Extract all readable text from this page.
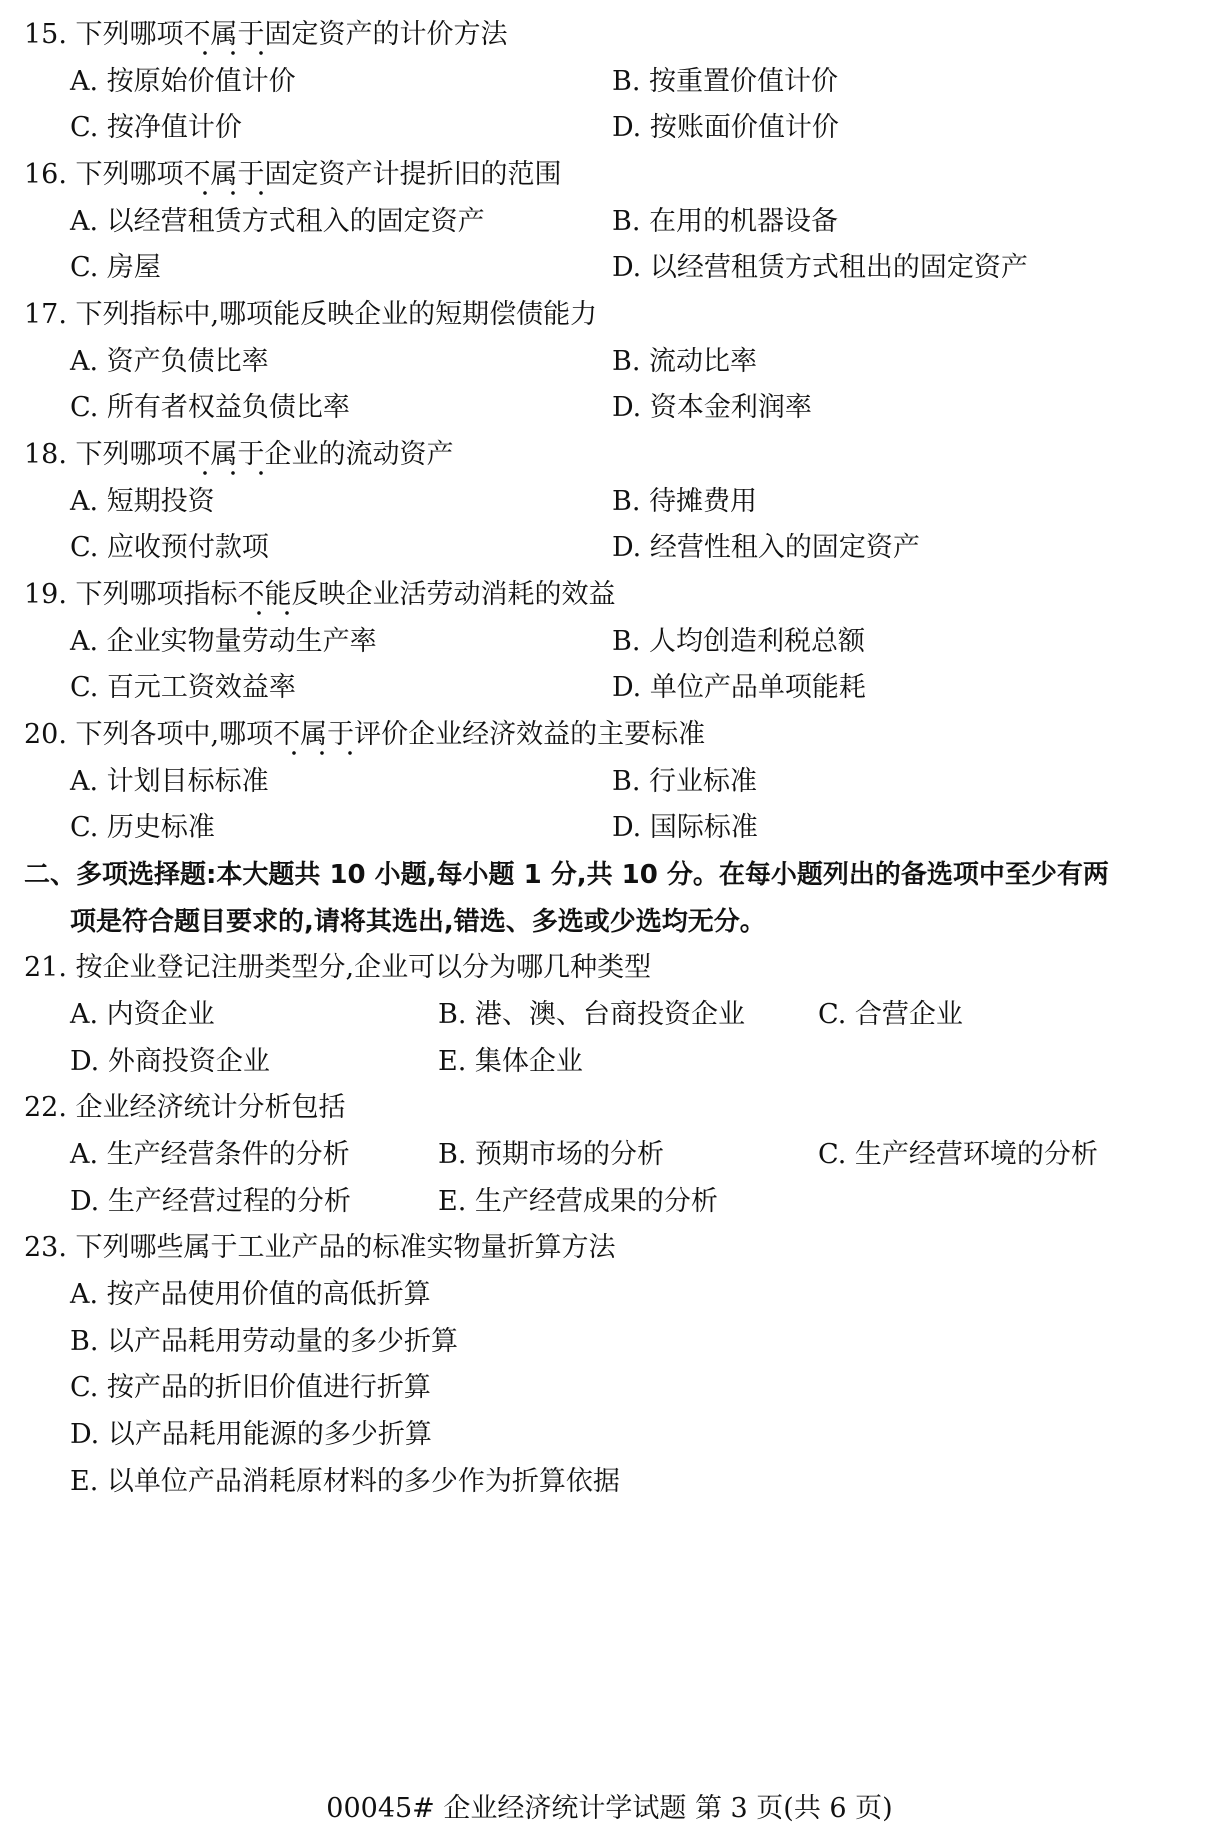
15. 下列哪项不属于
固定资产的计价方法
A. 按原始价值计价	B. 按重置价值计价
C. 按净值计价	D. 按账面价值计价
16. 下列哪项不属于
固定资产计提折旧的范围
A. 以经营租赁方式租入的固定资产	B. 在用的机器设备
C. 房屋	D. 以经营租赁方式租出的固定资产
17. 下列指标中,哪项能反映企业的短期偿债能力
A. 资产负债比率	B. 流动比率
C. 所有者权益负债比率	D. 资本金利润率
18. 下列哪项不属于
企业的流动资产
A. 短期投资	B. 待摊费用
C. 应收预付款项	D. 经营性租入的固定资产
19. 下列哪项指标不能
反映企业活劳动消耗的效益
A. 企业实物量劳动生产率	B. 人均创造利税总额
C. 百元工资效益率	D. 单位产品单项能耗
20. 下列各项中,哪项不属于
评价企业经济效益的主要标准
A. 计划目标标准	B. 行业标准
C. 历史标准	D. 国际标准
二、多项选择题:本大题共 10 小题,每小题 1 分,共 10 分。在每小题列出的备选项中至少有两
项是符合题目要求的,请将其选出,错选、多选或少选均无分。
21. 按企业登记注册类型分,企业可以分为哪几种类型
A. 内资企业	B. 港、澳、台商投资企业	C. 合营企业
D. 外商投资企业	E. 集体企业
22. 企业经济统计分析包括
A. 生产经营条件的分析	B. 预期市场的分析	C. 生产经营环境的分析
D. 生产经营过程的分析	E. 生产经营成果的分析
23. 下列哪些属于工业产品的标准实物量折算方法
A. 按产品使用价值的高低折算
B. 以产品耗用劳动量的多少折算
C. 按产品的折旧价值进行折算
D. 以产品耗用能源的多少折算
E. 以单位产品消耗原材料的多少作为折算依据
00045# 企业经济统计学试题 第 3 页(共 6 页)
